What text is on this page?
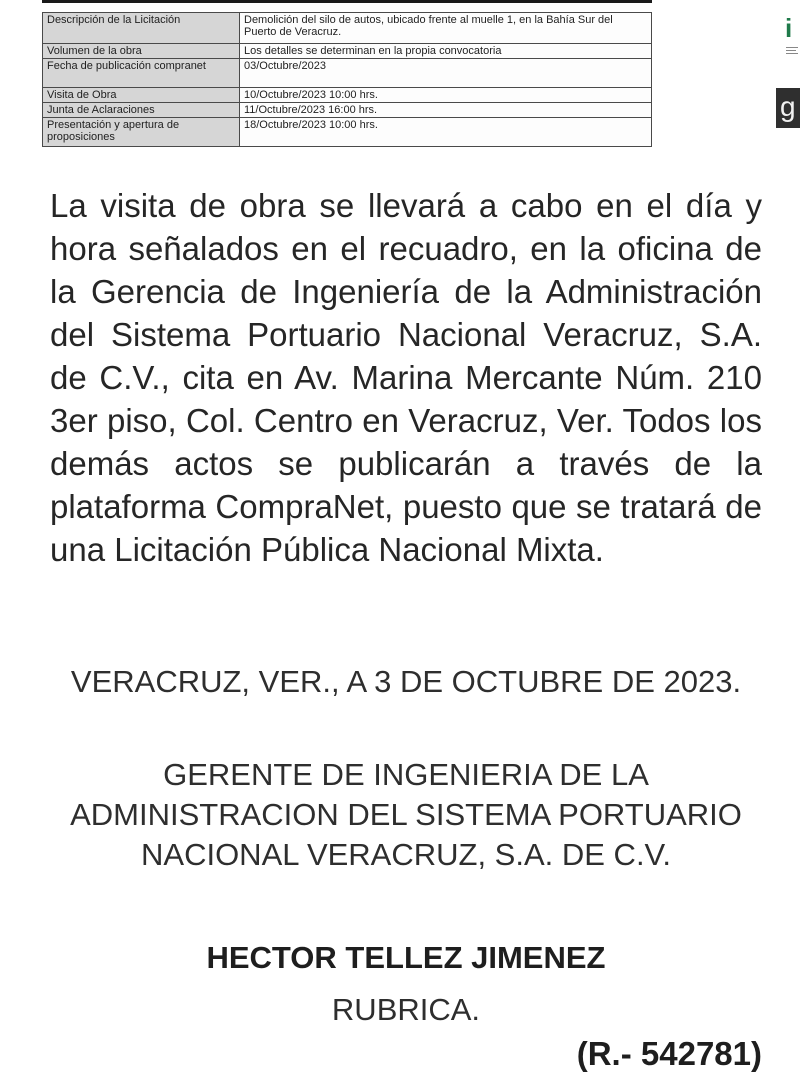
Descripción de la Licitación	Demolición del silo de autos, ubicado frente al muelle 1, en la Bahía Sur del Puerto de Veracruz.
Volumen de la obra	Los detalles se determinan en la propia convocatoria
Fecha de publicación compranet	03/Octubre/2023
Visita de Obra	10/Octubre/2023 10:00 hrs.
Junta de Aclaraciones	11/Octubre/2023 16:00 hrs.
Presentación y apertura de proposiciones	18/Octubre/2023 10:00 hrs.

La visita de obra se llevará a cabo en el día y hora señalados en el recuadro, en la oficina de la Gerencia de Ingeniería de la Administración del Sistema Portuario Nacional Veracruz, S.A. de C.V., cita en Av. Marina Mercante Núm. 210 3er piso, Col. Centro en Veracruz, Ver. Todos los demás actos se publicarán a través de la plataforma CompraNet, puesto que se tratará de una Licitación Pública Nacional Mixta.

VERACRUZ, VER., A 3 DE OCTUBRE DE 2023.

GERENTE DE INGENIERIA DE LA ADMINISTRACION DEL SISTEMA PORTUARIO NACIONAL VERACRUZ, S.A. DE C.V.

HECTOR TELLEZ JIMENEZ

RUBRICA.

(R.- 542781)

i
g
